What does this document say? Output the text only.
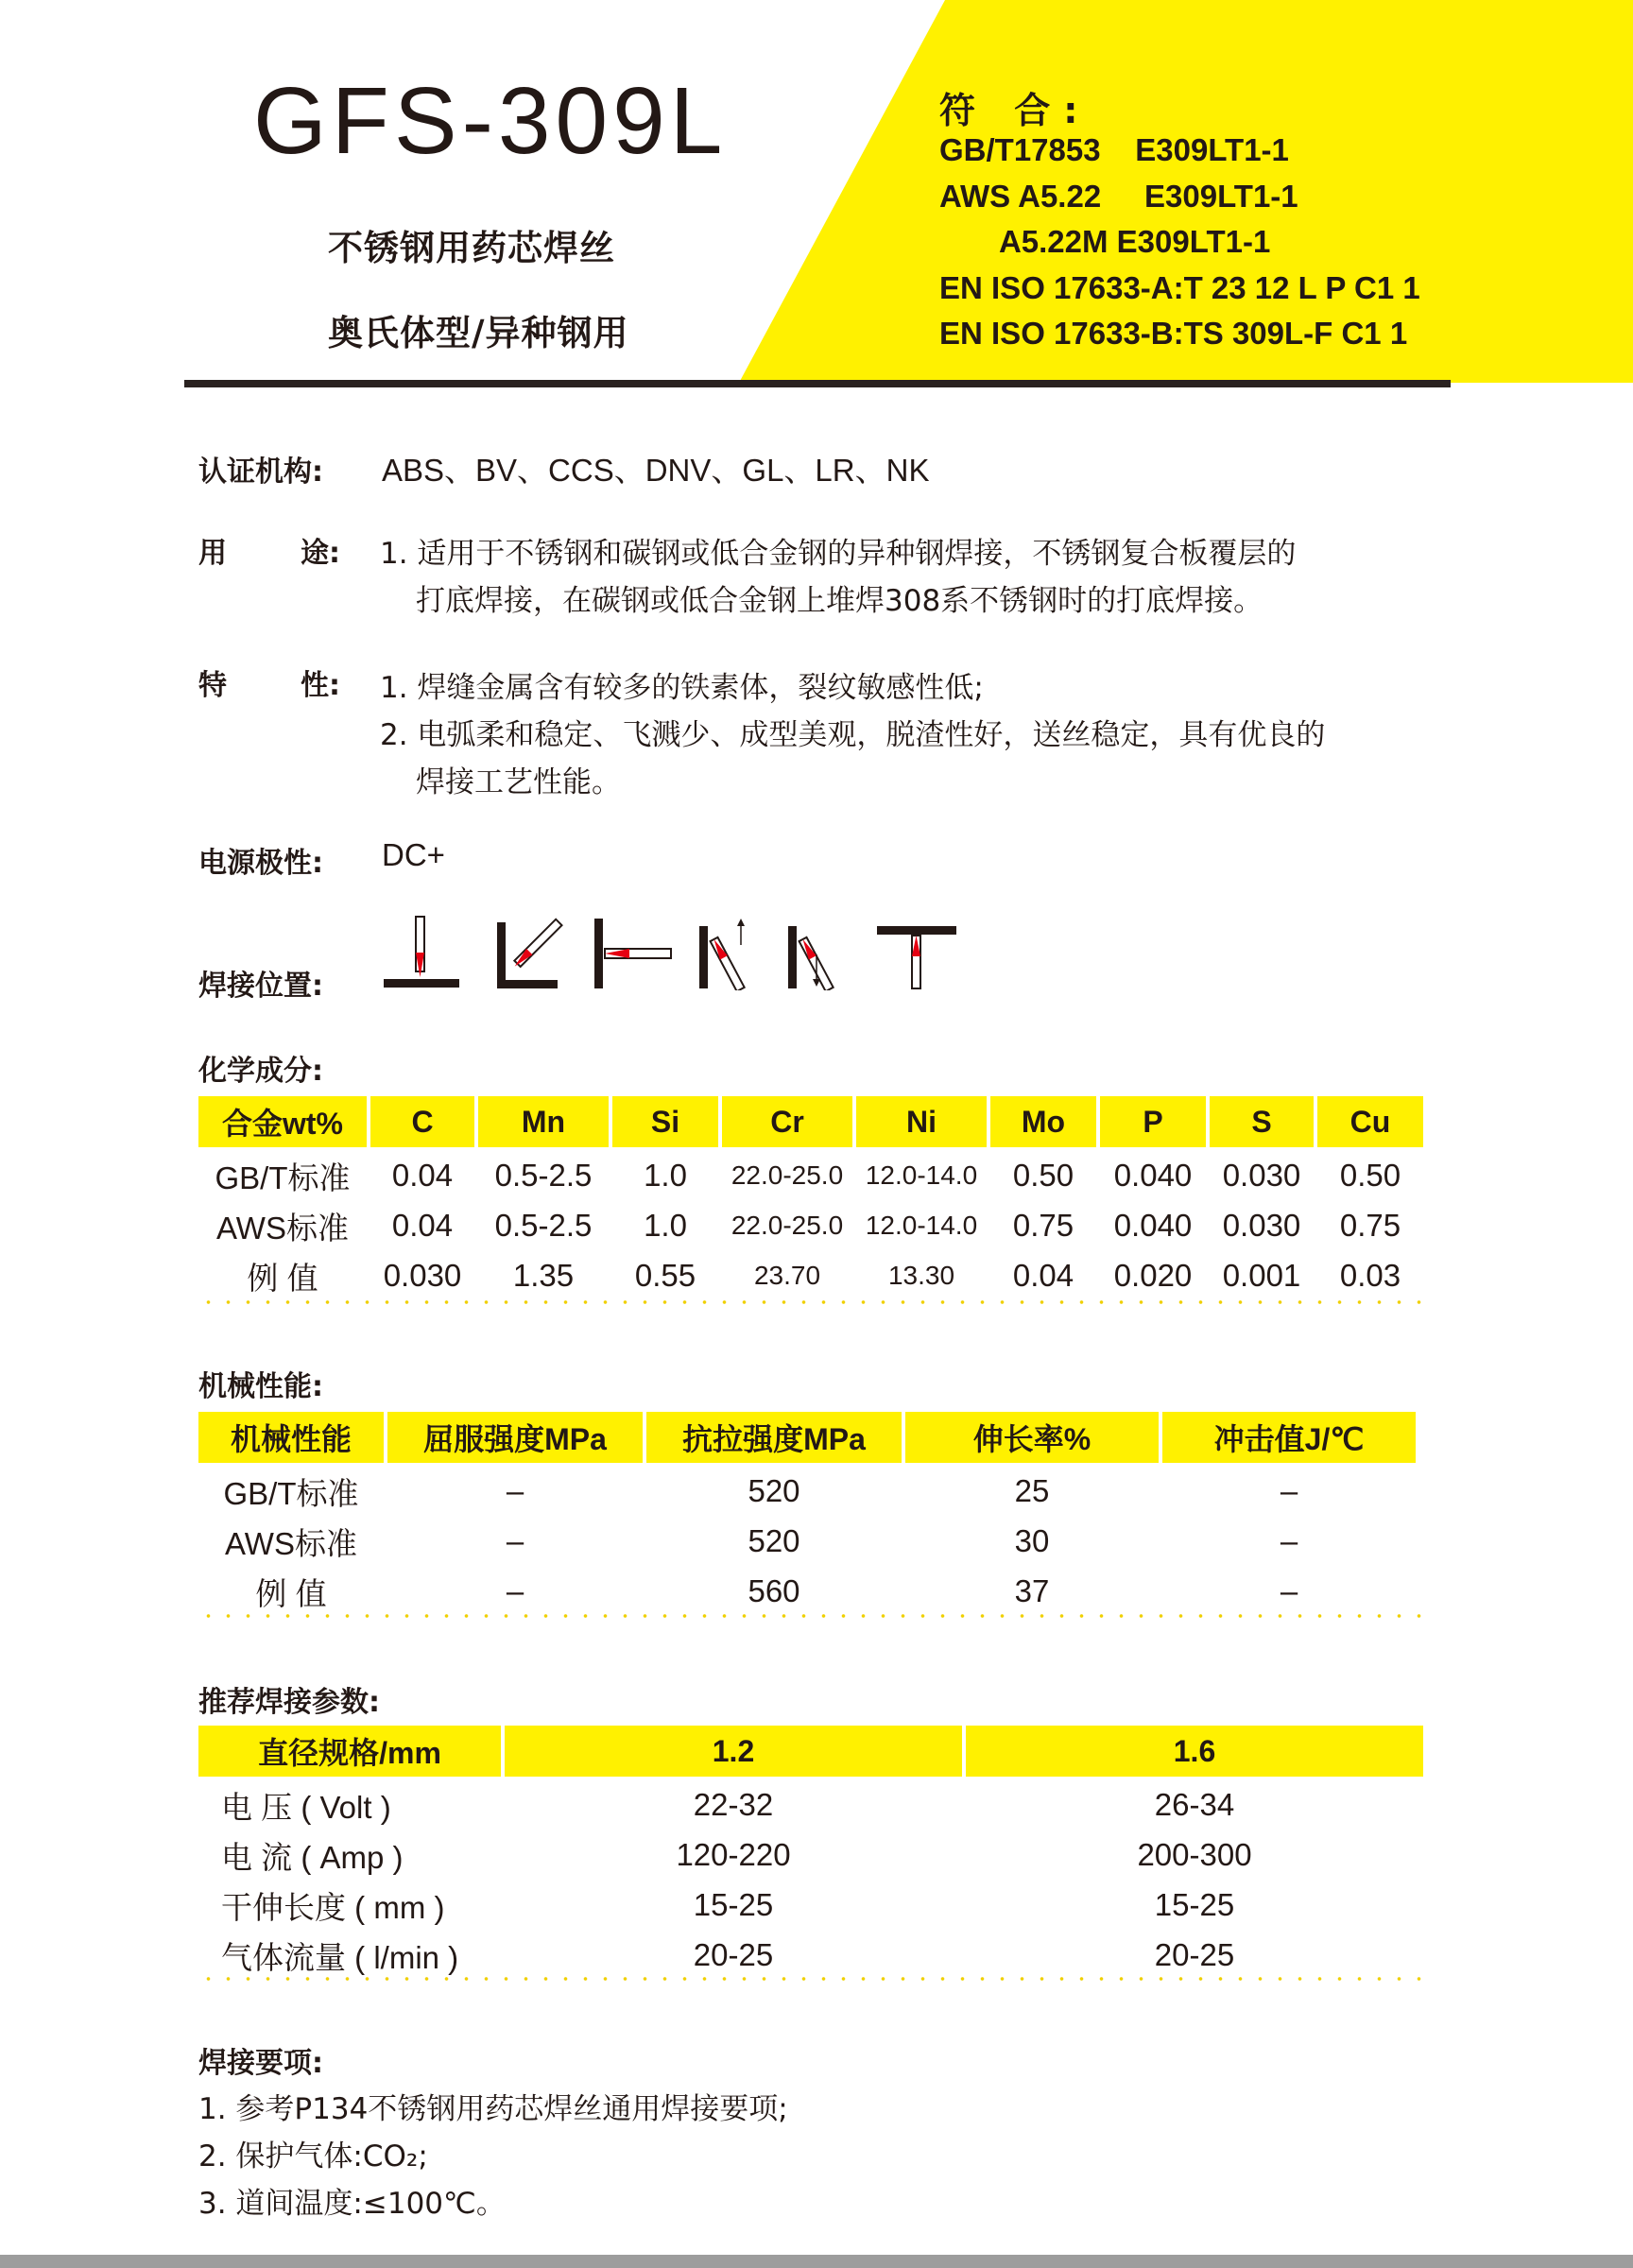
GFS-309L
不锈钢用药芯焊丝
奥氏体型/异种钢用
符 合:
GB/T17853    E309LT1-1
AWS A5.22     E309LT1-1
A5.22M E309LT1-1
EN ISO 17633-A:T 23 12 L P C1 1
EN ISO 17633-B:TS 309L-F C1 1
认证机构: ABS、BV、CCS、DNV、GL、LR、NK
用	途: 1. 适用于不锈钢和碳钢或低合金钢的异种钢焊接，不锈钢复合板覆层的
打底焊接，在碳钢或低合金钢上堆焊308系不锈钢时的打底焊接。
特	性: 1. 焊缝金属含有较多的铁素体，裂纹敏感性低;
2. 电弧柔和稳定、飞溅少、成型美观，脱渣性好，送丝稳定，具有优良的
焊接工艺性能。
电源极性: DC+
焊接位置:
化学成分:
合金wt%	C	Mn	Si	Cr	Ni	Mo	P	S	Cu
GB/T标准	0.04	0.5-2.5	1.0	22.0-25.0 12.0-14.0	0.50	0.040 0.030	0.50
AWS标准	0.04	0.5-2.5	1.0	22.0-25.0 12.0-14.0	0.75	0.040 0.030	0.75
例 值	0.030	1.35	0.55	23.70	13.30	0.04	0.020 0.001	0.03
机械性能:
机械性能	屈服强度MPa	抗拉强度MPa	伸长率%	冲击值J/℃
GB/T标准	–	520	25	–
AWS标准	–	520	30	–
例 值	–	560	37	–
推荐焊接参数:
直径规格/mm	1.2	1.6
电 压 ( Volt )	22-32	26-34
电 流 ( Amp )	120-220	200-300
干伸长度 ( mm )	15-25	15-25
气体流量 ( l/min )	20-25	20-25
焊接要项:
1. 参考P134不锈钢用药芯焊丝通用焊接要项;
2. 保护气体:CO₂;
3. 道间温度:≤100℃。
